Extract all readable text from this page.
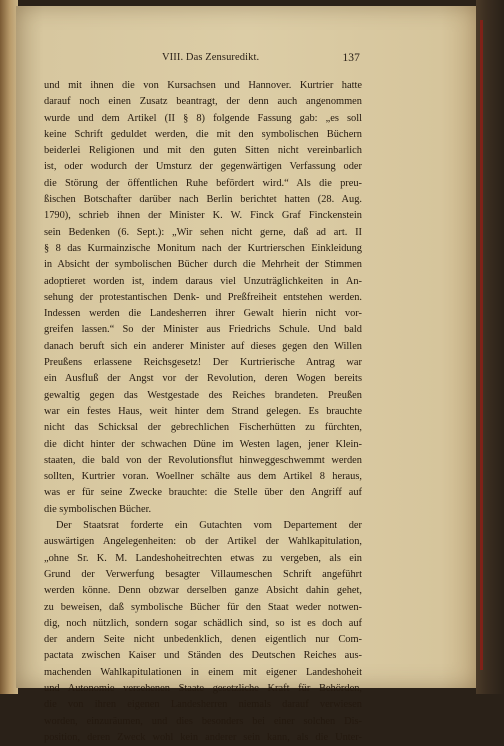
VIII. Das Zensuredikt.	137
und mit ihnen die von Kursachsen und Hannover. Kurtrier hatte
darauf noch einen Zusatz beantragt, der denn auch angenommen
wurde und dem Artikel (II § 8) folgende Fassung gab: „es soll
keine Schrift geduldet werden, die mit den symbolischen Büchern
beiderlei Religionen und mit den guten Sitten nicht vereinbarlich
ist, oder wodurch der Umsturz der gegenwärtigen Verfassung oder
die Störung der öffentlichen Ruhe befördert wird.“ Als die preu-
ßischen Botschafter darüber nach Berlin berichtet hatten (28. Aug.
1790), schrieb ihnen der Minister K. W. Finck Graf Finckenstein
sein Bedenken (6. Sept.): „Wir sehen nicht gerne, daß ad art. II
§ 8 das Kurmainzische Monitum nach der Kurtrierschen Einkleidung
in Absicht der symbolischen Bücher durch die Mehrheit der Stimmen
adoptieret worden ist, indem daraus viel Unzuträglichkeiten in An-
sehung der protestantischen Denk- und Preßfreiheit entstehen werden.
Indessen werden die Landesherren ihrer Gewalt hierin nicht vor-
greifen lassen.“ So der Minister aus Friedrichs Schule. Und bald
danach beruft sich ein anderer Minister auf dieses gegen den Willen
Preußens erlassene Reichsgesetz! Der Kurtrierische Antrag war
ein Ausfluß der Angst vor der Revolution, deren Wogen bereits
gewaltig gegen das Westgestade des Reiches brandeten. Preußen
war ein festes Haus, weit hinter dem Strand gelegen. Es brauchte
nicht das Schicksal der gebrechlichen Fischerhütten zu fürchten,
die dicht hinter der schwachen Düne im Westen lagen, jener Klein-
staaten, die bald von der Revolutionsflut hinweggeschwemmt werden
sollten, Kurtrier voran. Woellner schälte aus dem Artikel 8 heraus,
was er für seine Zwecke brauchte: die Stelle über den Angriff auf
die symbolischen Bücher.
Der Staatsrat forderte ein Gutachten vom Departement der
auswärtigen Angelegenheiten: ob der Artikel der Wahlkapitulation,
„ohne Sr. K. M. Landeshoheitrechten etwas zu vergeben, als ein
Grund der Verwerfung besagter Villaumeschen Schrift angeführt
werden könne. Denn obzwar derselben ganze Absicht dahin gehet,
zu beweisen, daß symbolische Bücher für den Staat weder notwen-
dig, noch nützlich, sondern sogar schädlich sind, so ist es doch auf
der andern Seite nicht unbedenklich, denen eigentlich nur Com-
pactata zwischen Kaiser und Ständen des Deutschen Reiches aus-
machenden Wahlkapitulationen in einem mit eigener Landeshoheit
und Autonomie versehenen Staate gesetzliche Kraft für Behörden,
die von ihren eigenen Landesherren niemals darauf verwiesen
worden, einzuräumen, und dies besonders bei einer solchen Dis-
position, deren Zweck wohl kein anderer sein kann, als die Unter-
